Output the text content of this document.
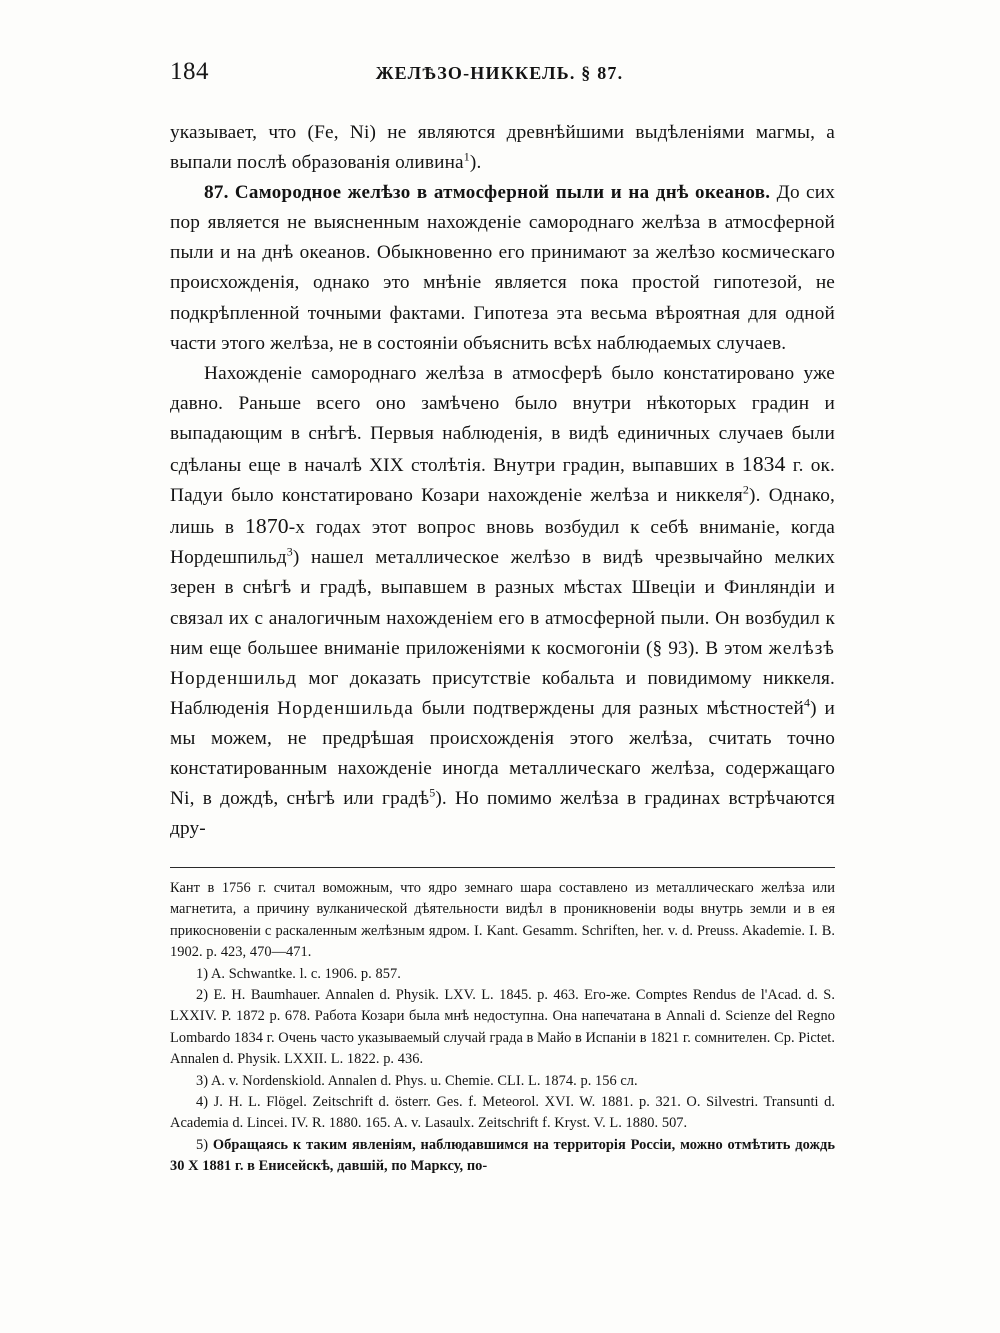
184	ЖЕЛѢЗО-НИККЕЛЬ. § 87.

указывает, что (Fe, Ni) не являются древнѣйшими выдѣленіями магмы, а выпали послѣ образованія оливина$^1$).

87. Самородное желѣзо в атмосферной пыли и на днѣ океанов. До сих пор является не выясненным нахожденіе самороднаго желѣза в атмосферной пыли и на днѣ океанов. Обыкновенно его принимают за желѣзо космическаго происхожденія, однако это мнѣніе является пока простой гипотезой, не подкрѣпленной точными фактами. Гипотеза эта весьма вѣроятная для одной части этого желѣза, не в состояніи объяснить всѣх наблюдаемых случаев.

Нахожденіе самороднаго желѣза в атмосферѣ было констатировано уже давно. Раньше всего оно замѣчено было внутри нѣкоторых градин и выпадающим в снѣгѣ. Первыя наблюденія, в видѣ единичных случаев были сдѣланы еще в началѣ XIX столѣтія. Внутри градин, выпавших в 1834 г. ок. Падуи было констатировано Козари нахожденіе желѣза и никкеля$^2$). Однако, лишь в 1870-х годах этот вопрос вновь возбудил к себѣ вниманіе, когда Нордешпильд$^3$) нашел металлическое желѣзо в видѣ чрезвычайно мелких зерен в снѣгѣ и градѣ, выпавшем в разных мѣстах Швеціи и Финляндіи и связал их с аналогичным нахожденіем его в атмосферной пыли. Он возбудил к ним еще большее вниманіе приложеніями к космогоніи (§ 93). В этом желѣзѣ Норденшильд мог доказать присутствіе кобальта и повидимому никкеля. Наблюденія Норденшильда были подтверждены для разных мѣстностей$^4$) и мы можем, не предрѣшая происхожденія этого желѣза, считать точно констатированным нахожденіе иногда металлическаго желѣза, содержащаго Ni, в дождѣ, снѣгѣ или градѣ$^5$). Но помимо желѣза в градинах встрѣчаются дру-

Кант в 1756 г. считал воможным, что ядро земнаго шара составлено из металлическаго желѣза или магнетита, а причину вулканической дѣятельности видѣл в проникновеніи воды внутрь земли и в ея прикосновеніи с раскаленным желѣзным ядром. I. Kant. Gesamm. Schriften, her. v. d. Preuss. Akademie. I. B. 1902. p. 423, 470—471.

1) A. Schwantke. l. c. 1906. p. 857.

2) E. H. Baumhauer. Annalen d. Physik. LXV. L. 1845. p. 463. Его-же. Comptes Rendus de l'Acad. d. S. LXXIV. P. 1872 p. 678. Работа Козари была мнѣ недоступна. Она напечатана в Annali d. Scienze del Regno Lombardo 1834 г. Очень часто указываемый случай града в Майо в Испаніи в 1821 г. сомнителен. Ср. Pictet. Annalen d. Physik. LXXII. L. 1822. p. 436.

3) A. v. Nordenskiold. Annalen d. Phys. u. Chemie. CLI. L. 1874. p. 156 сл.

4) J. H. L. Flögel. Zeitschrift d. österr. Ges. f. Meteorol. XVI. W. 1881. p. 321. O. Silvestri. Transunti d. Academia d. Lincei. IV. R. 1880. 165. A. v. Lasaulx. Zeitschrift f. Kryst. V. L. 1880. 507.

5) Обращаясь к таким явленіям, наблюдавшимся на территорія Россіи, можно отмѣтить дождь 30 X 1881 г. в Енисейскѣ, давшій, по Марксу, по-
